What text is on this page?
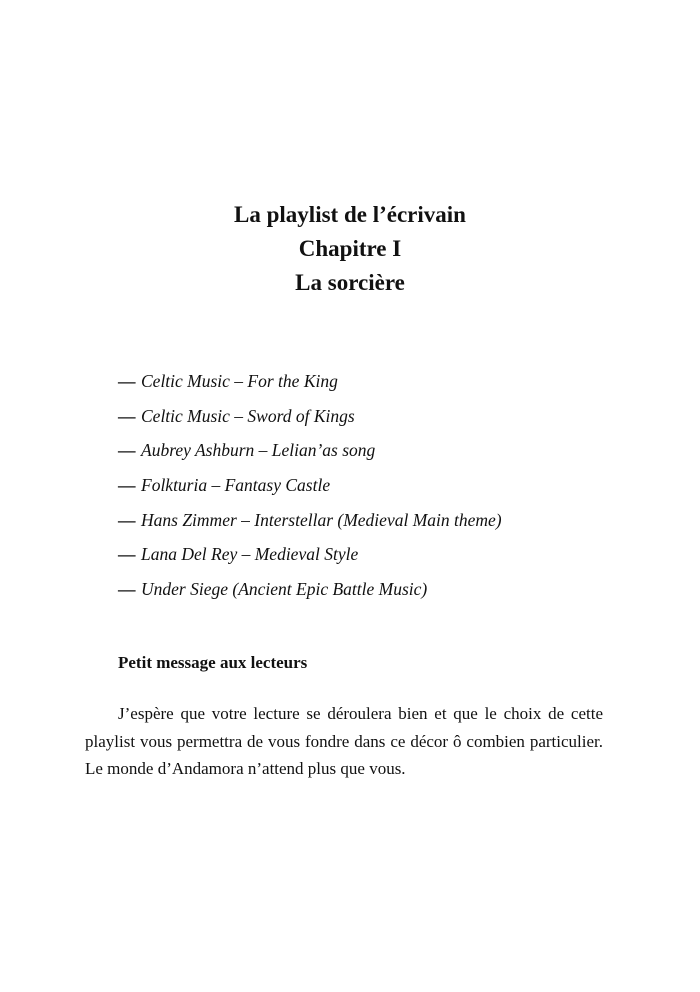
La playlist de l’écrivain
Chapitre I
La sorcière
— Celtic Music – For the King
— Celtic Music – Sword of Kings
— Aubrey Ashburn – Lelian’as song
— Folkturia – Fantasy Castle
— Hans Zimmer – Interstellar (Medieval Main theme)
— Lana Del Rey – Medieval Style
— Under Siege (Ancient Epic Battle Music)
Petit message aux lecteurs

J’espère que votre lecture se déroulera bien et que le choix de cette playlist vous permettra de vous fondre dans ce décor ô combien particulier. Le monde d’Andamora n’attend plus que vous.
